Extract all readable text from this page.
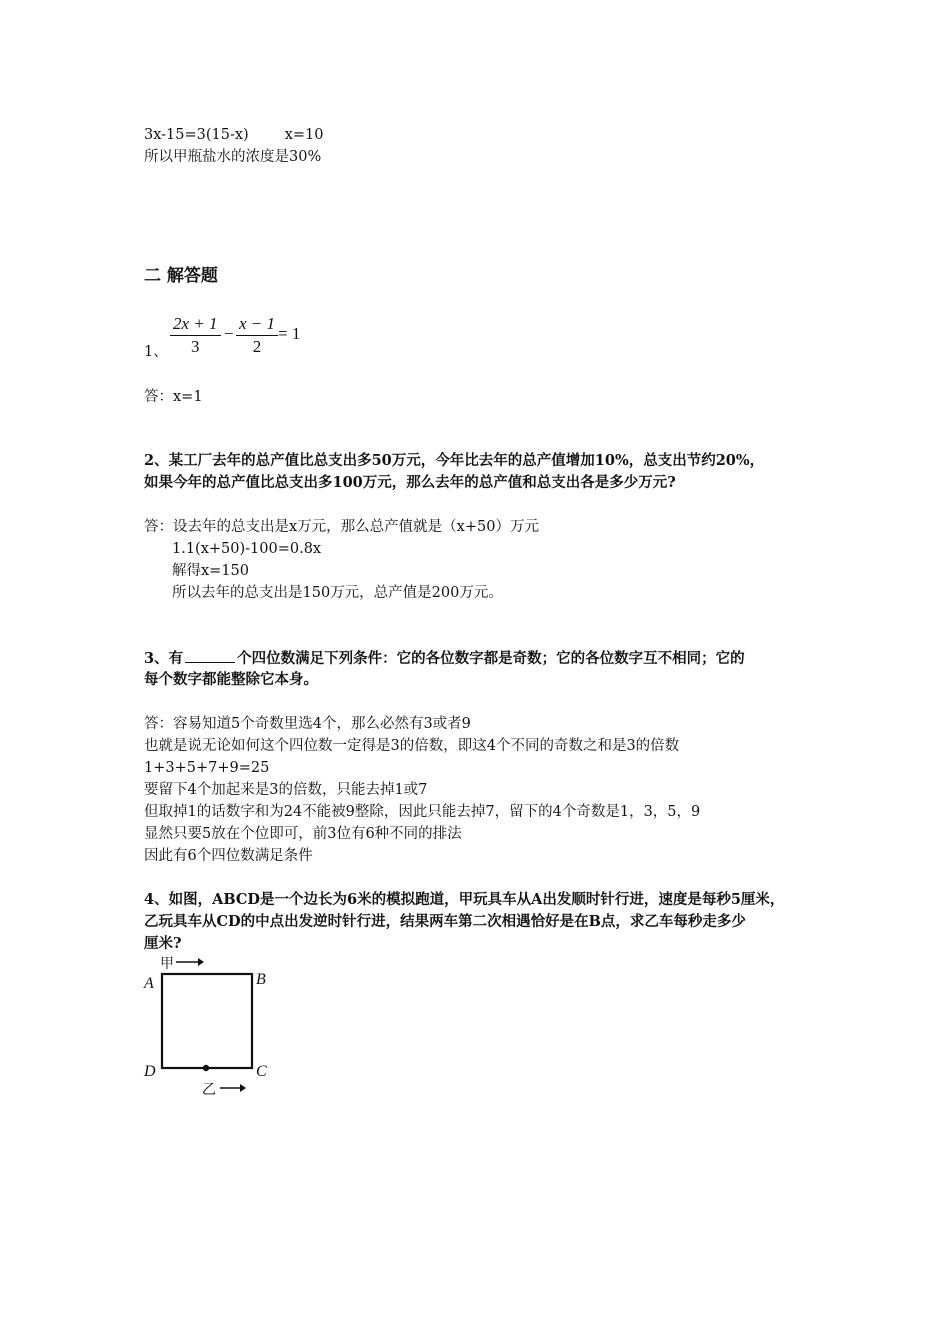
3x-15=3(15-x) x=10
所以甲瓶盐水的浓度是30%
二 解答题
1、 $\frac{2x + 1}{3} - \frac{x - 1}{2} = 1$
答：x=1
2、某工厂去年的总产值比总支出多50万元，今年比去年的总产值增加10%，总支出节约20%，
如果今年的总产值比总支出多100万元，那么去年的总产值和总支出各是多少万元?
答：设去年的总支出是x万元，那么总产值就是（x+50）万元
1.1(x+50)-100=0.8x
解得x=150
所以去年的总支出是150万元，总产值是200万元。
3、有	个四位数满足下列条件：它的各位数字都是奇数；它的各位数字互不相同；它的
每个数字都能整除它本身。
答：容易知道5个奇数里选4个，那么必然有3或者9
也就是说无论如何这个四位数一定得是3的倍数，即这4个不同的奇数之和是3的倍数
1+3+5+7+9=25
要留下4个加起来是3的倍数，只能去掉1或7
但取掉1的话数字和为24不能被9整除，因此只能去掉7，留下的4个奇数是1，3，5，9
显然只要5放在个位即可，前3位有6种不同的排法
因此有6个四位数满足条件
4、如图，ABCD是一个边长为6米的模拟跑道，甲玩具车从A出发顺时针行进，速度是每秒5厘米，
乙玩具车从CD的中点出发逆时针行进，结果两车第二次相遇恰好是在B点，求乙车每秒走多少
厘米?
A	B
D	C
甲
乙
